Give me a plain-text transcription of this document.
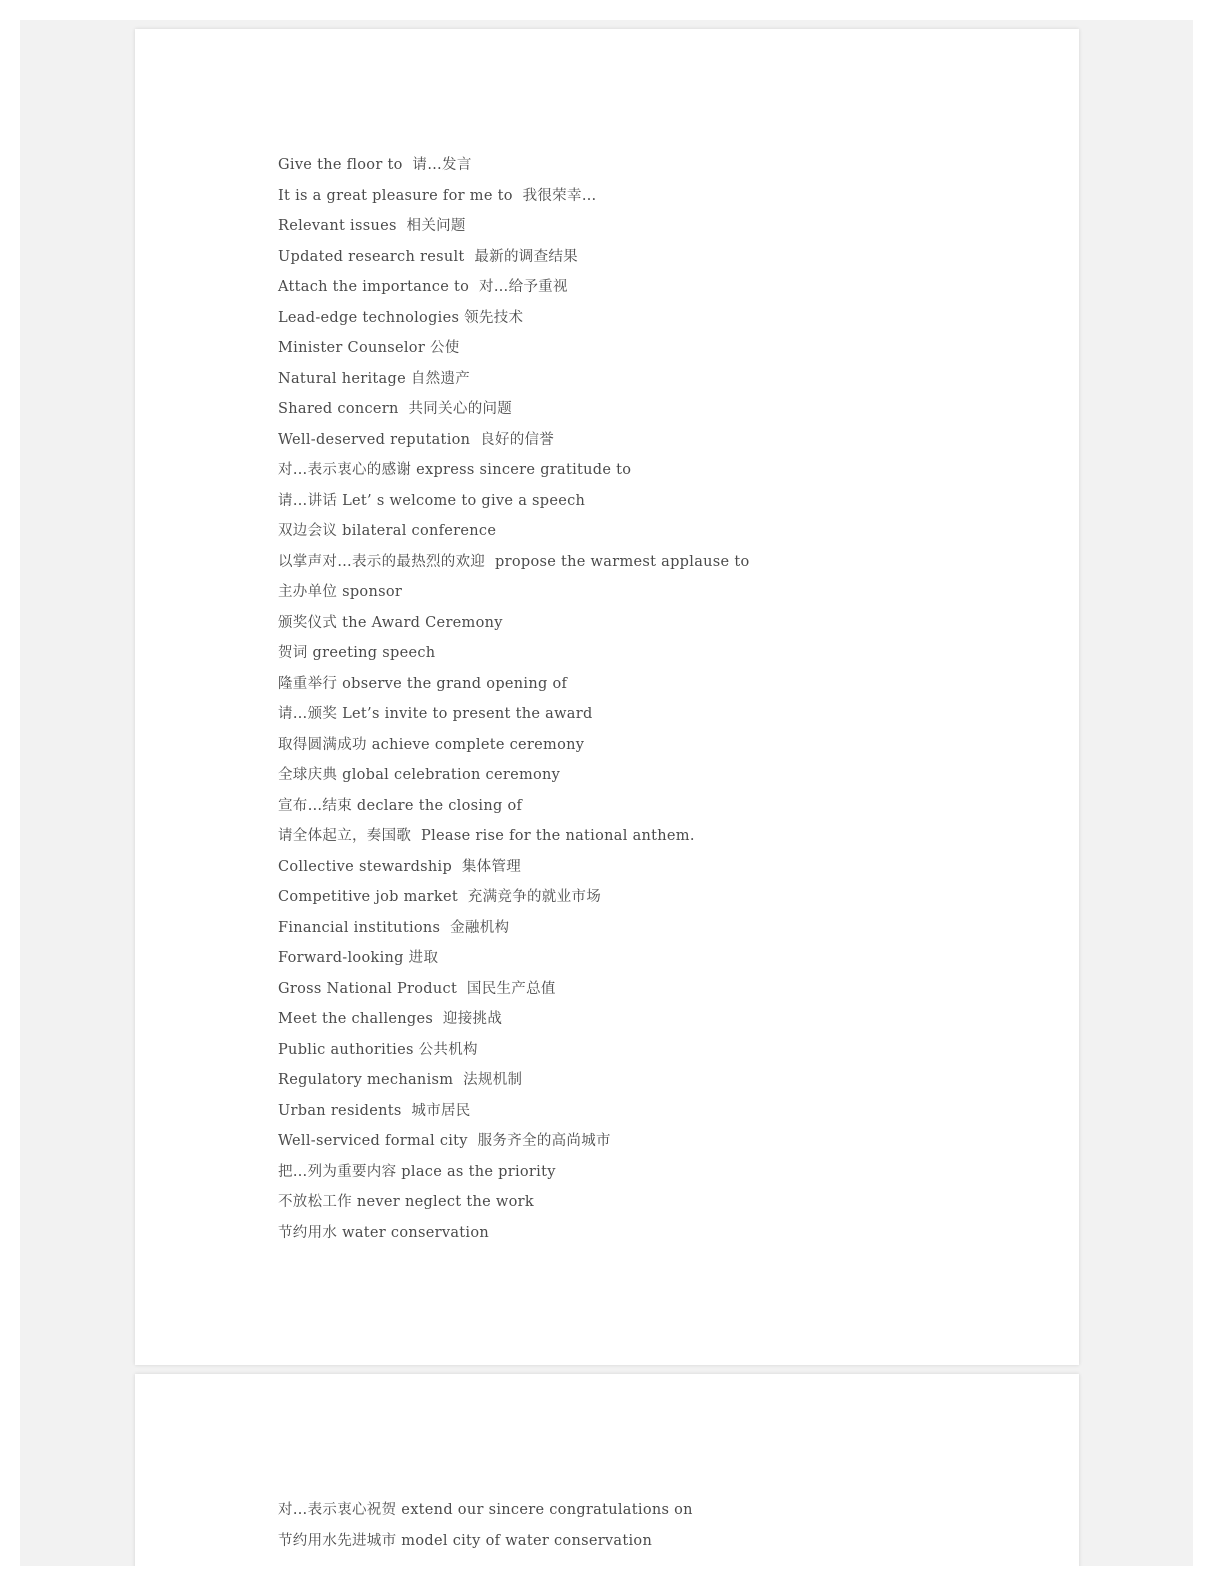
Give the floor to  请…发言
It is a great pleasure for me to  我很荣幸…
Relevant issues  相关问题
Updated research result  最新的调查结果
Attach the importance to  对…给予重视
Lead-edge technologies 领先技术
Minister Counselor 公使
Natural heritage 自然遗产
Shared concern  共同关心的问题
Well-deserved reputation  良好的信誉
对…表示衷心的感谢 express sincere gratitude to
请…讲话 Let’ s welcome to give a speech
双边会议 bilateral conference
以掌声对…表示的最热烈的欢迎  propose the warmest applause to
主办单位 sponsor
颁奖仪式 the Award Ceremony
贺词 greeting speech
隆重举行 observe the grand opening of
请…颁奖 Let’s invite to present the award
取得圆满成功 achieve complete ceremony
全球庆典 global celebration ceremony
宣布…结束 declare the closing of
请全体起立，奏国歌  Please rise for the national anthem.
Collective stewardship  集体管理
Competitive job market  充满竞争的就业市场
Financial institutions  金融机构
Forward-looking 进取
Gross National Product  国民生产总值
Meet the challenges  迎接挑战
Public authorities 公共机构
Regulatory mechanism  法规机制
Urban residents  城市居民
Well-serviced formal city  服务齐全的高尚城市
把…列为重要内容 place as the priority
不放松工作 never neglect the work
节约用水 water conservation
对…表示衷心祝贺 extend our sincere congratulations on
节约用水先进城市 model city of water conservation
